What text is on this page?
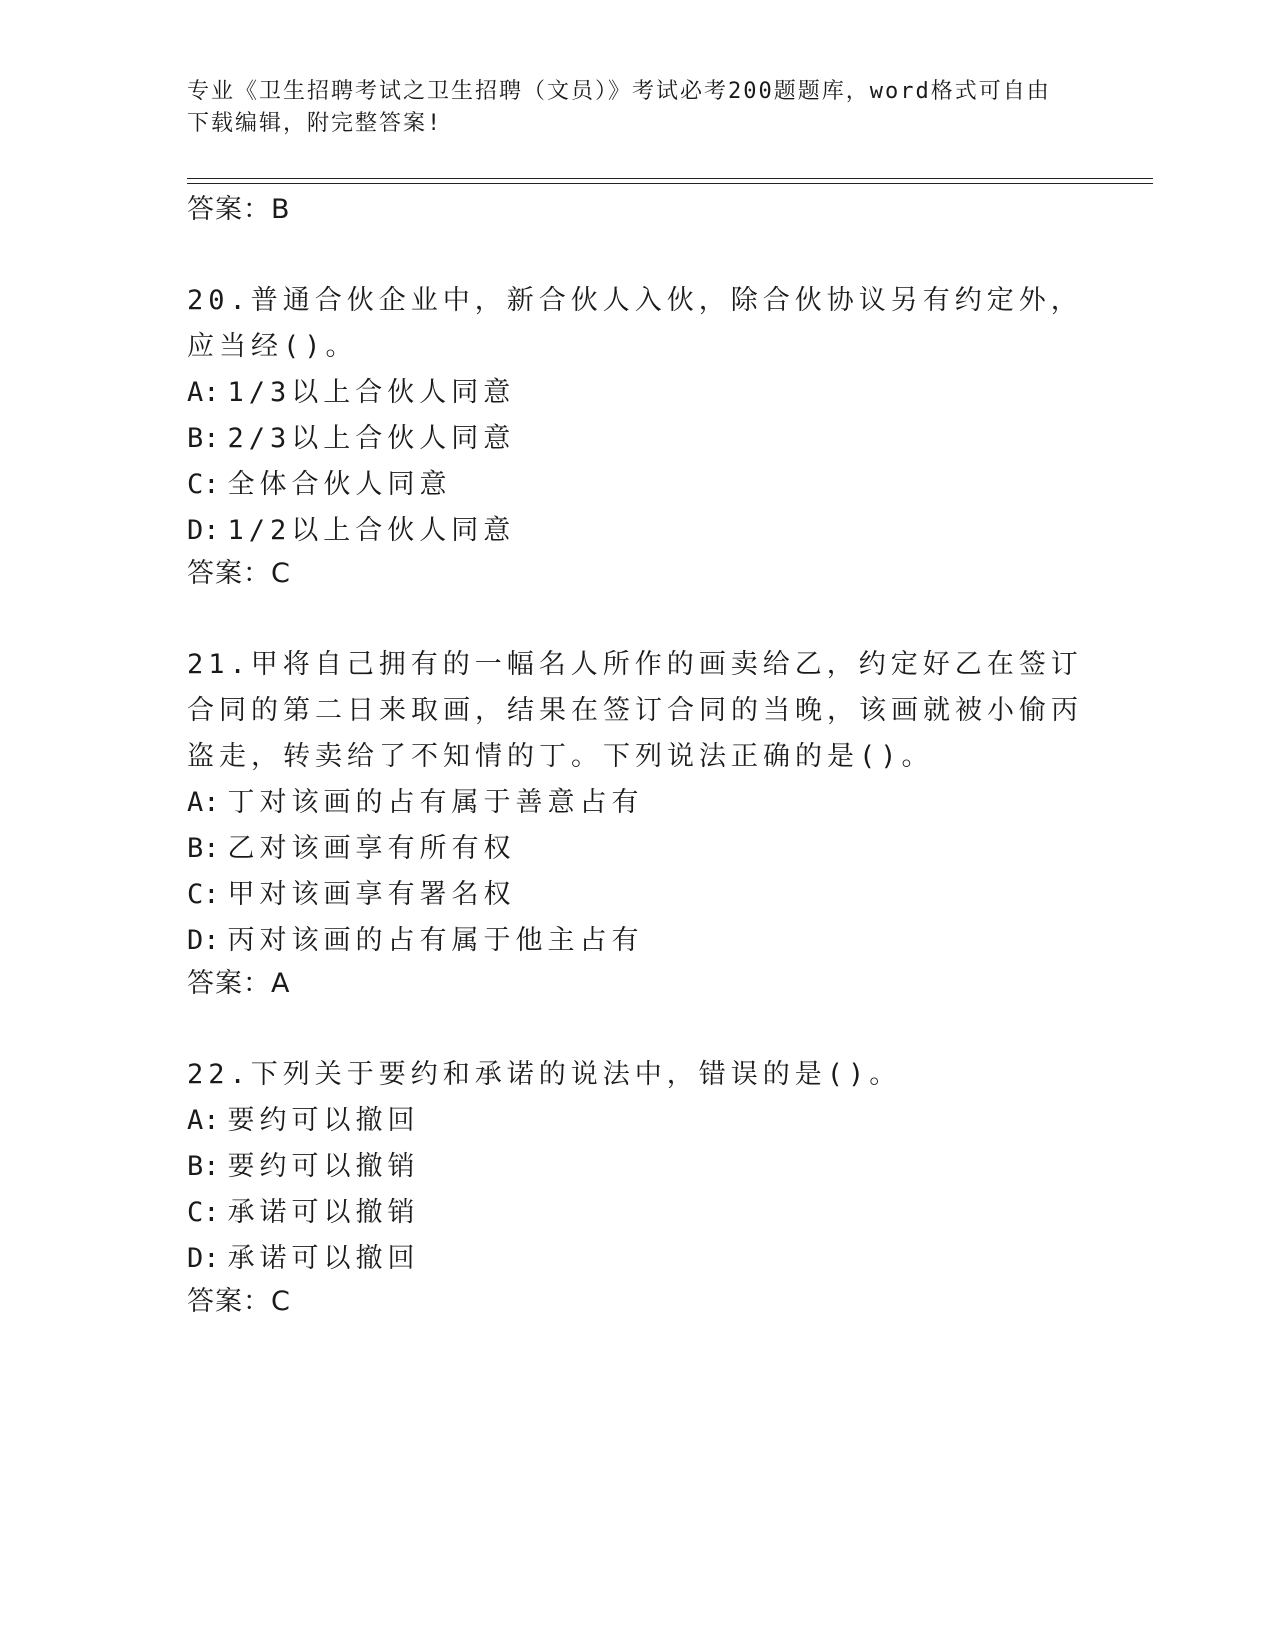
专业《卫生招聘考试之卫生招聘（文员）》考试必考200题题库，word格式可自由下载编辑，附完整答案!

答案：B

20.普通合伙企业中，新合伙人入伙，除合伙协议另有约定外，应当经()。

A: 1/3以上合伙人同意

B: 2/3以上合伙人同意

C: 全体合伙人同意

D: 1/2以上合伙人同意

答案：C

21.甲将自己拥有的一幅名人所作的画卖给乙，约定好乙在签订合同的第二日来取画，结果在签订合同的当晚，该画就被小偷丙盗走，转卖给了不知情的丁。下列说法正确的是()。

A: 丁对该画的占有属于善意占有

B: 乙对该画享有所有权

C: 甲对该画享有署名权

D: 丙对该画的占有属于他主占有

答案：A

22.下列关于要约和承诺的说法中，错误的是()。

A: 要约可以撤回

B: 要约可以撤销

C: 承诺可以撤销

D: 承诺可以撤回

答案：C
